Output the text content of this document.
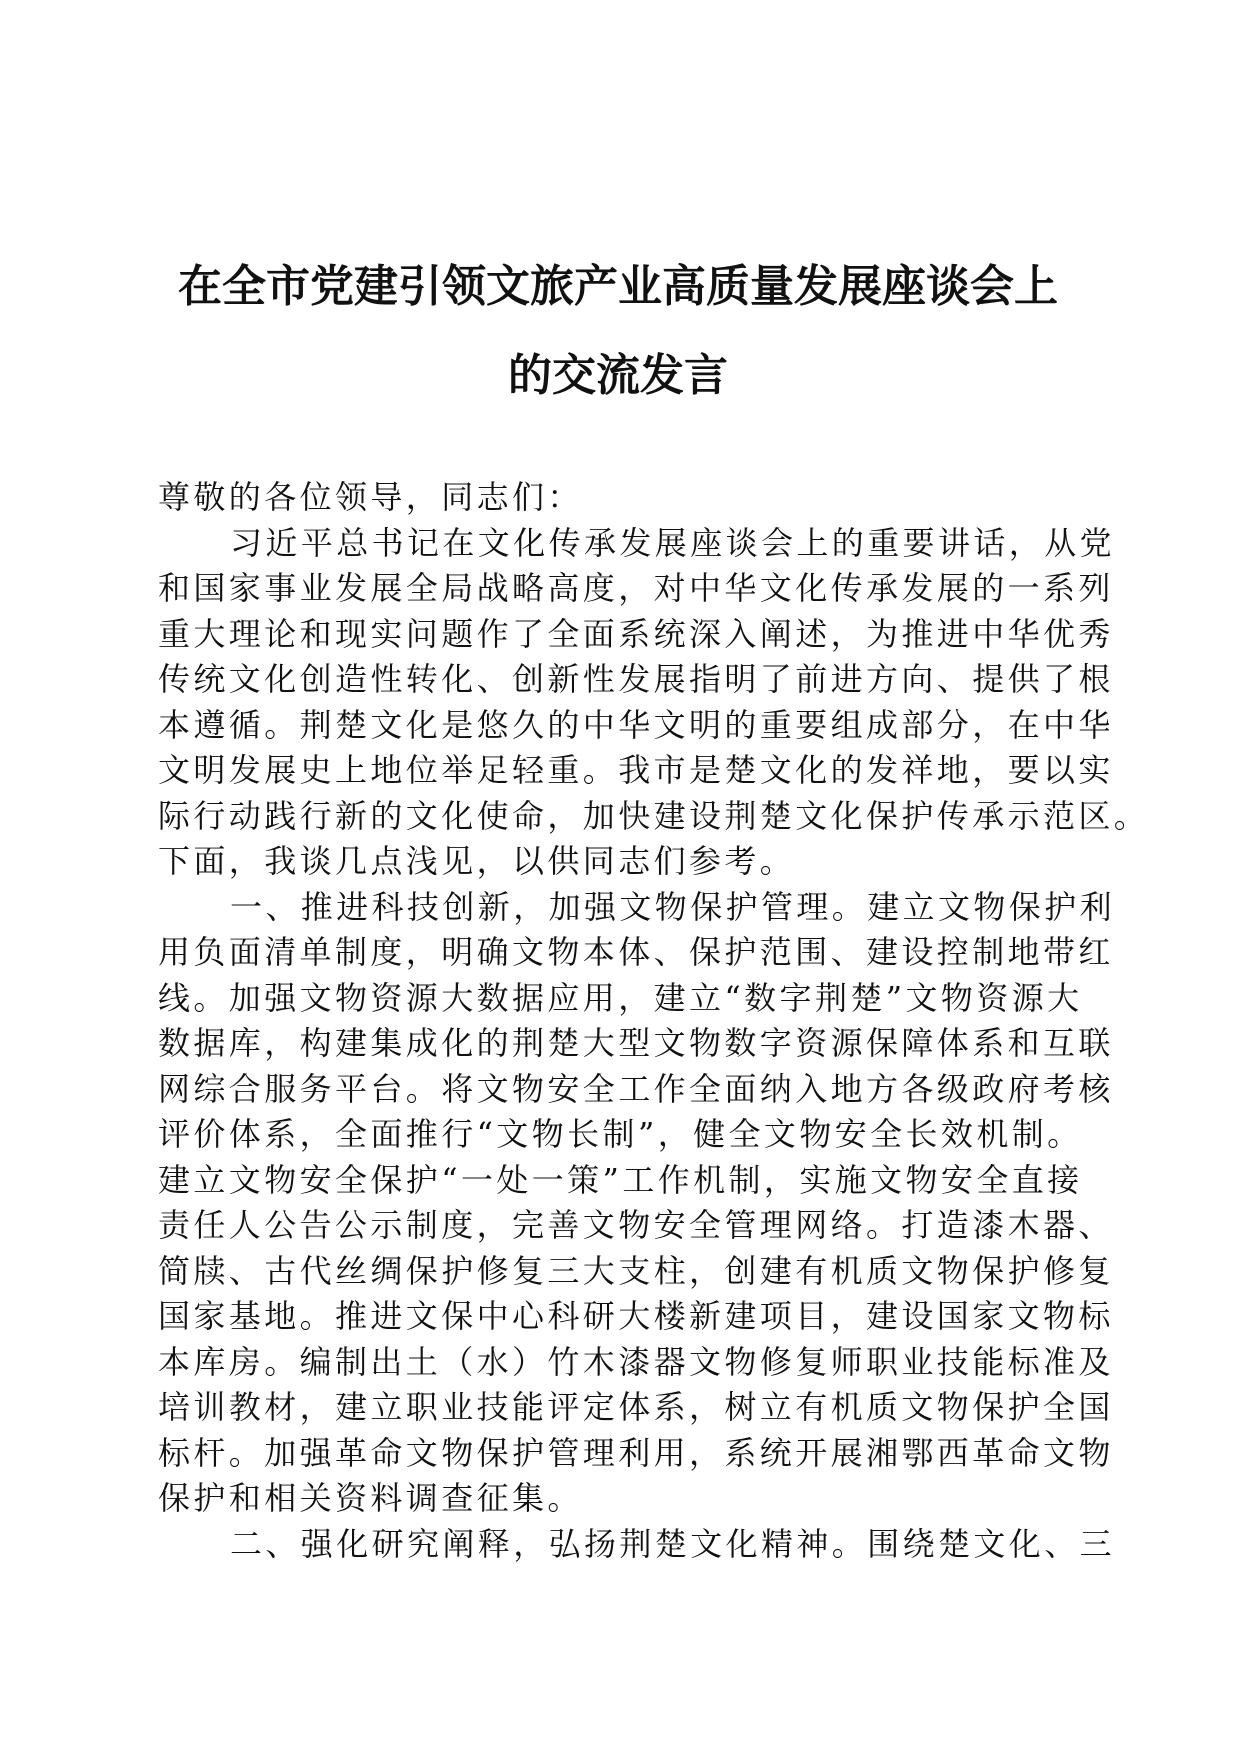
在全市党建引领文旅产业高质量发展座谈会上
的交流发言
尊敬的各位领导，同志们：
习近平总书记在文化传承发展座谈会上的重要讲话，从党
和国家事业发展全局战略高度，对中华文化传承发展的一系列
重大理论和现实问题作了全面系统深入阐述，为推进中华优秀
传统文化创造性转化、创新性发展指明了前进方向、提供了根
本遵循。荆楚文化是悠久的中华文明的重要组成部分，在中华
文明发展史上地位举足轻重。我市是楚文化的发祥地，要以实
际行动践行新的文化使命，加快建设荆楚文化保护传承示范区。
下面，我谈几点浅见，以供同志们参考。
一、推进科技创新，加强文物保护管理。建立文物保护利
用负面清单制度，明确文物本体、保护范围、建设控制地带红
线。加强文物资源大数据应用，建立“数字荆楚”文物资源大
数据库，构建集成化的荆楚大型文物数字资源保障体系和互联
网综合服务平台。将文物安全工作全面纳入地方各级政府考核
评价体系，全面推行“文物长制”，健全文物安全长效机制。
建立文物安全保护“一处一策”工作机制，实施文物安全直接
责任人公告公示制度，完善文物安全管理网络。打造漆木器、
简牍、古代丝绸保护修复三大支柱，创建有机质文物保护修复
国家基地。推进文保中心科研大楼新建项目，建设国家文物标
本库房。编制出土（水）竹木漆器文物修复师职业技能标准及
培训教材，建立职业技能评定体系，树立有机质文物保护全国
标杆。加强革命文物保护管理利用，系统开展湘鄂西革命文物
保护和相关资料调查征集。
二、强化研究阐释，弘扬荆楚文化精神。围绕楚文化、三
